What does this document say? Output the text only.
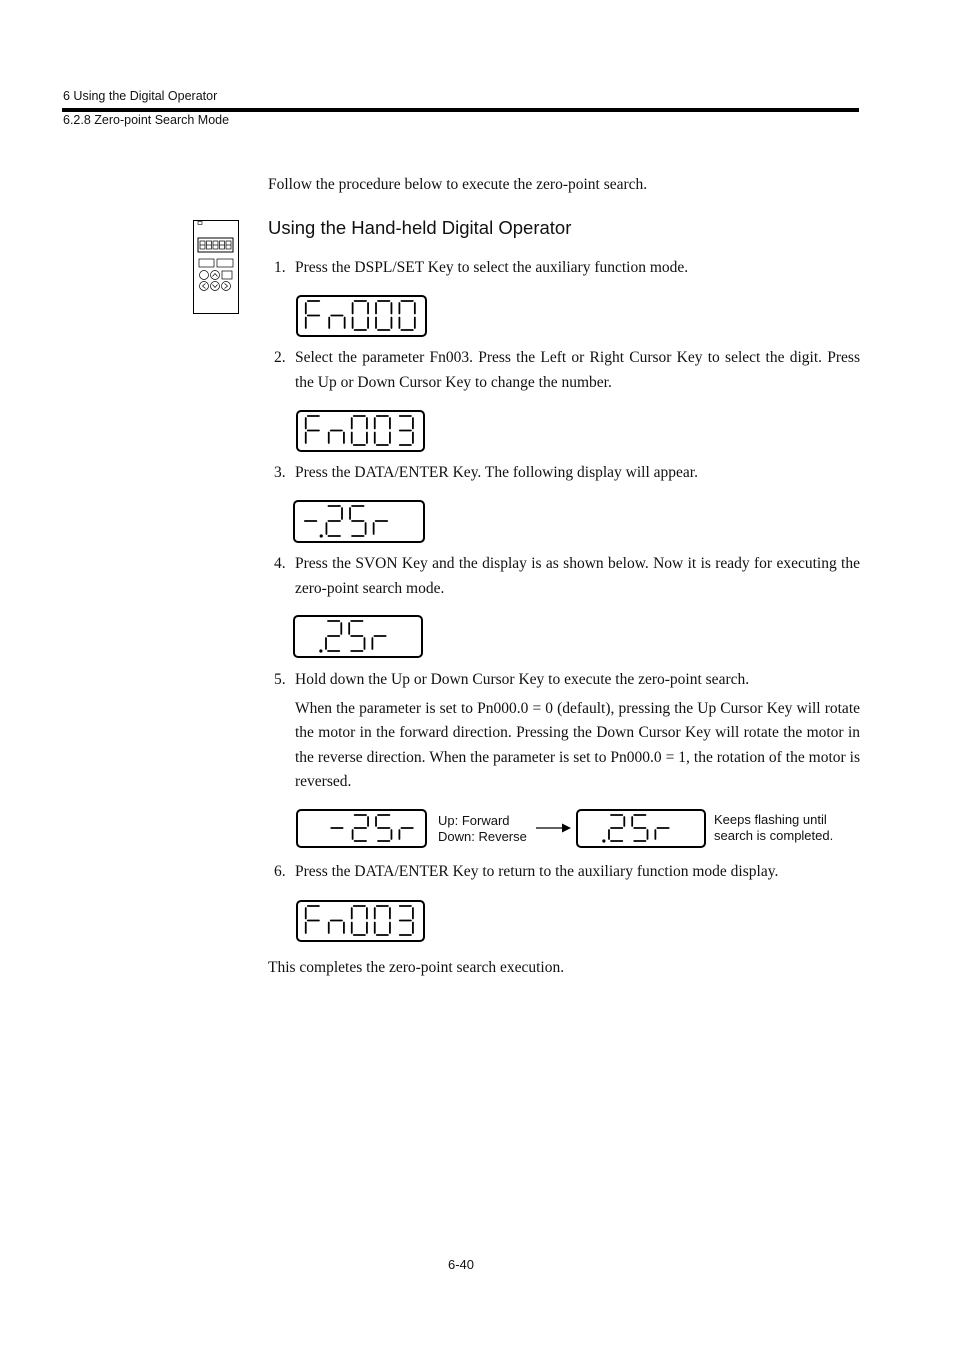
6 Using the Digital Operator
6.2.8 Zero-point Search Mode
Follow the procedure below to execute the zero-point search.
Using the Hand-held Digital Operator
1. Press the DSPL/SET Key to select the auxiliary function mode.

2. Select the parameter Fn003. Press the Left or Right Cursor Key to select the digit. Press the Up or Down Cursor Key to change the number.

3. Press the DATA/ENTER Key. The following display will appear.

4. Press the SVON Key and the display is as shown below. Now it is ready for executing the zero-point search mode.

5. Hold down the Up or Down Cursor Key to execute the zero-point search.

When the parameter is set to Pn000.0 = 0 (default), pressing the Up Cursor Key will rotate the motor in the forward direction. Pressing the Down Cursor Key will rotate the motor in the reverse direction. When the parameter is set to Pn000.0 = 1, the rotation of the motor is reversed.

Up: Forward
Down: Reverse
Keeps flashing until
search is completed.
6. Press the DATA/ENTER Key to return to the auxiliary function mode display.

This completes the zero-point search execution.
6-40
